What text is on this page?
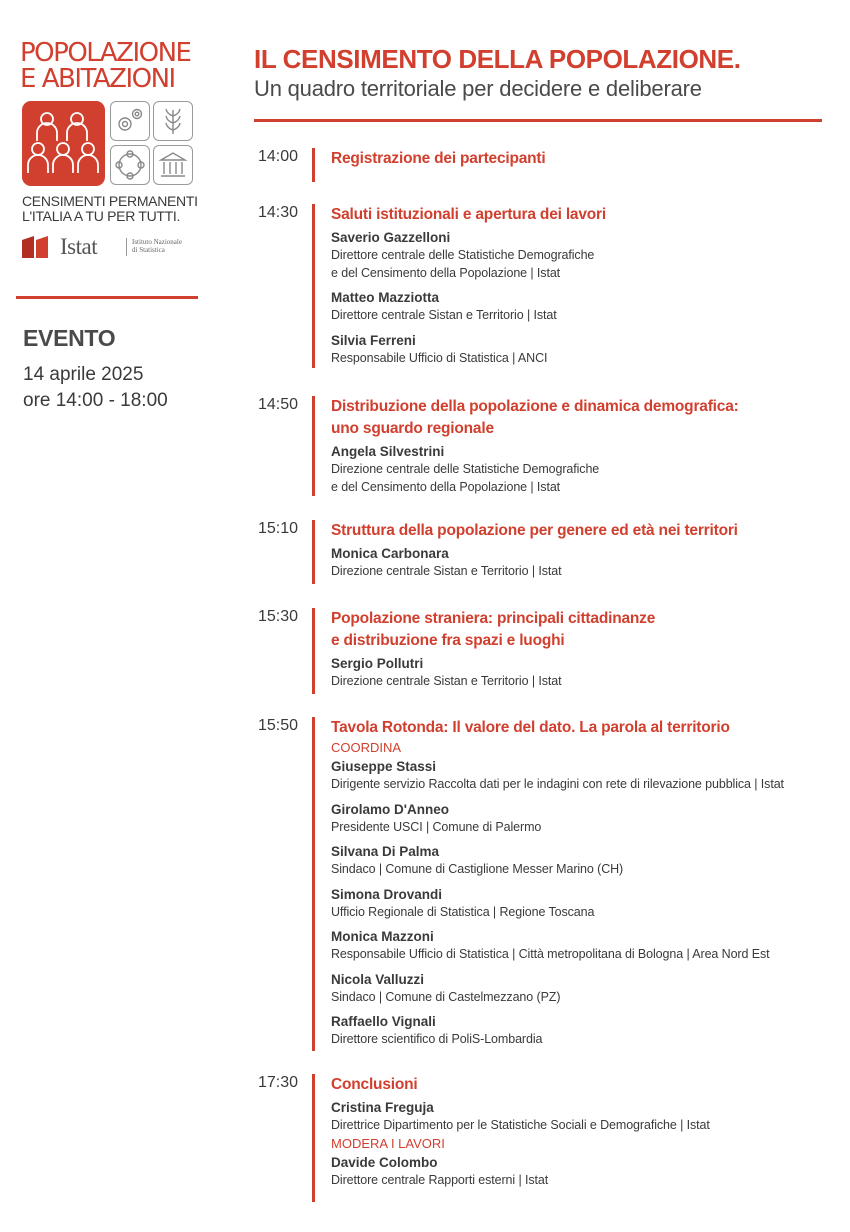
POPOLAZIONE
E ABITAZIONI
CENSIMENTI PERMANENTI
L'ITALIA A TU PER TUTTI.
Istat	Istituto Nazionale
di Statistica
EVENTO
14 aprile 2025
ore 14:00 - 18:00
IL CENSIMENTO DELLA POPOLAZIONE.
Un quadro territoriale per decidere e deliberare
14:00 Registrazione dei partecipanti
14:30 Saluti istituzionali e apertura dei lavori
Saverio Gazzelloni
Direttore centrale delle Statistiche Demografiche
e del Censimento della Popolazione | Istat
Matteo Mazziotta
Direttore centrale Sistan e Territorio | Istat
Silvia Ferreni
Responsabile Ufficio di Statistica | ANCI
14:50 Distribuzione della popolazione e dinamica demografica:
uno sguardo regionale
Angela Silvestrini
Direzione centrale delle Statistiche Demografiche
e del Censimento della Popolazione | Istat
15:10 Struttura della popolazione per genere ed età nei territori
Monica Carbonara
Direzione centrale Sistan e Territorio | Istat
15:30 Popolazione straniera: principali cittadinanze
e distribuzione fra spazi e luoghi
Sergio Pollutri
Direzione centrale Sistan e Territorio | Istat
15:50 Tavola Rotonda: Il valore del dato. La parola al territorio
COORDINA
Giuseppe Stassi
Dirigente servizio Raccolta dati per le indagini con rete di rilevazione pubblica | Istat
Girolamo D'Anneo
Presidente USCI | Comune di Palermo
Silvana Di Palma
Sindaco | Comune di Castiglione Messer Marino (CH)
Simona Drovandi
Ufficio Regionale di Statistica | Regione Toscana
Monica Mazzoni
Responsabile Ufficio di Statistica | Città metropolitana di Bologna | Area Nord Est
Nicola Valluzzi
Sindaco | Comune di Castelmezzano (PZ)
Raffaello Vignali
Direttore scientifico di PoliS-Lombardia
17:30 Conclusioni
Cristina Freguja
Direttrice Dipartimento per le Statistiche Sociali e Demografiche | Istat
MODERA I LAVORI
Davide Colombo
Direttore centrale Rapporti esterni | Istat
